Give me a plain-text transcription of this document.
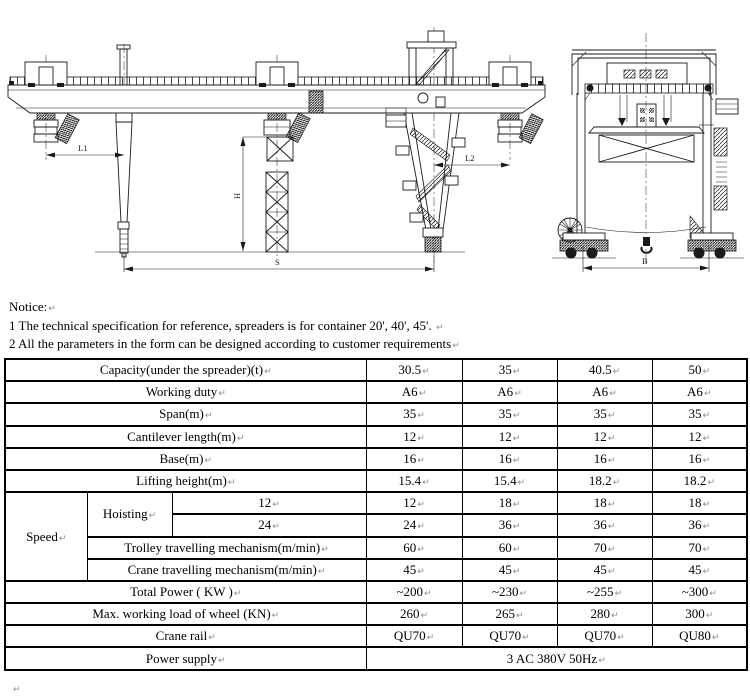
L1
L2
H
S	B
Notice:↵
1 The technical specification for reference, spreaders is for container 20', 40', 45'. ↵
2 All the parameters in the form can be designed according to customer requirements↵
Capacity(under the spreader)(t)↵			30.5↵	35↵	40.5↵	50↵
Working duty↵			A6↵	A6↵	A6↵	A6↵
Span(m)↵			35↵	35↵	35↵	35↵
Cantilever length(m)↵			12↵	12↵	12↵	12↵
Base(m)↵			16↵	16↵	16↵	16↵
Lifting height(m)↵			15.4↵	15.4↵	18.2↵	18.2↵
Speed↵	Hoisting↵	12↵	12↵	18↵	18↵	18↵
		24↵	24↵	36↵	36↵	36↵
	Trolley travelling mechanism(m/min)↵		60↵	60↵	70↵	70↵
	Crane travelling mechanism(m/min)↵		45↵	45↵	45↵	45↵
Total Power ( KW )↵			~200↵	~230↵	~255↵	~300↵
Max. working load of wheel (KN)↵			260↵	265↵	280↵	300↵
Crane rail↵			QU70↵	QU70↵	QU70↵	QU80↵
Power supply↵			3 AC 380V 50Hz↵			
↵
